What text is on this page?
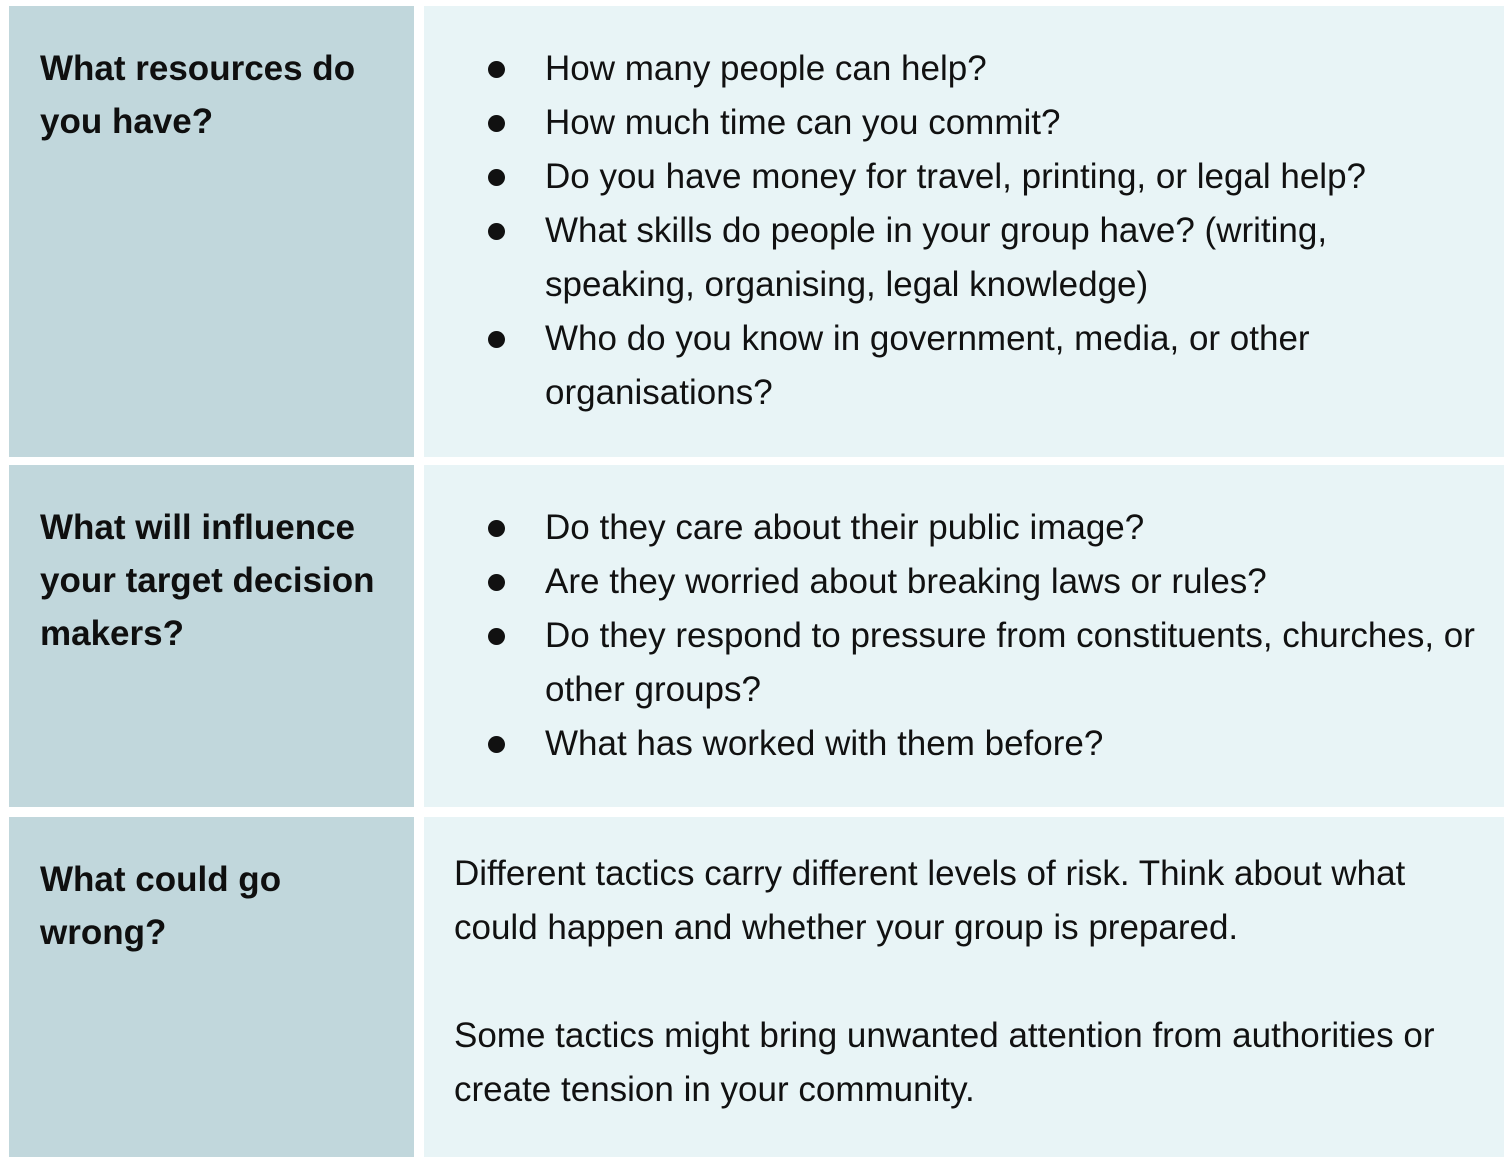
What resources do you have?

How many people can help?
How much time can you commit?
Do you have money for travel, printing, or legal help?
What skills do people in your group have? (writing, speaking, organising, legal knowledge)
Who do you know in government, media, or other organisations?

What will influence your target decision makers?

Do they care about their public image?
Are they worried about breaking laws or rules?
Do they respond to pressure from constituents, churches, or other groups?
What has worked with them before?

What could go wrong?

Different tactics carry different levels of risk. Think about what could happen and whether your group is prepared.

Some tactics might bring unwanted attention from authorities or create tension in your community.
